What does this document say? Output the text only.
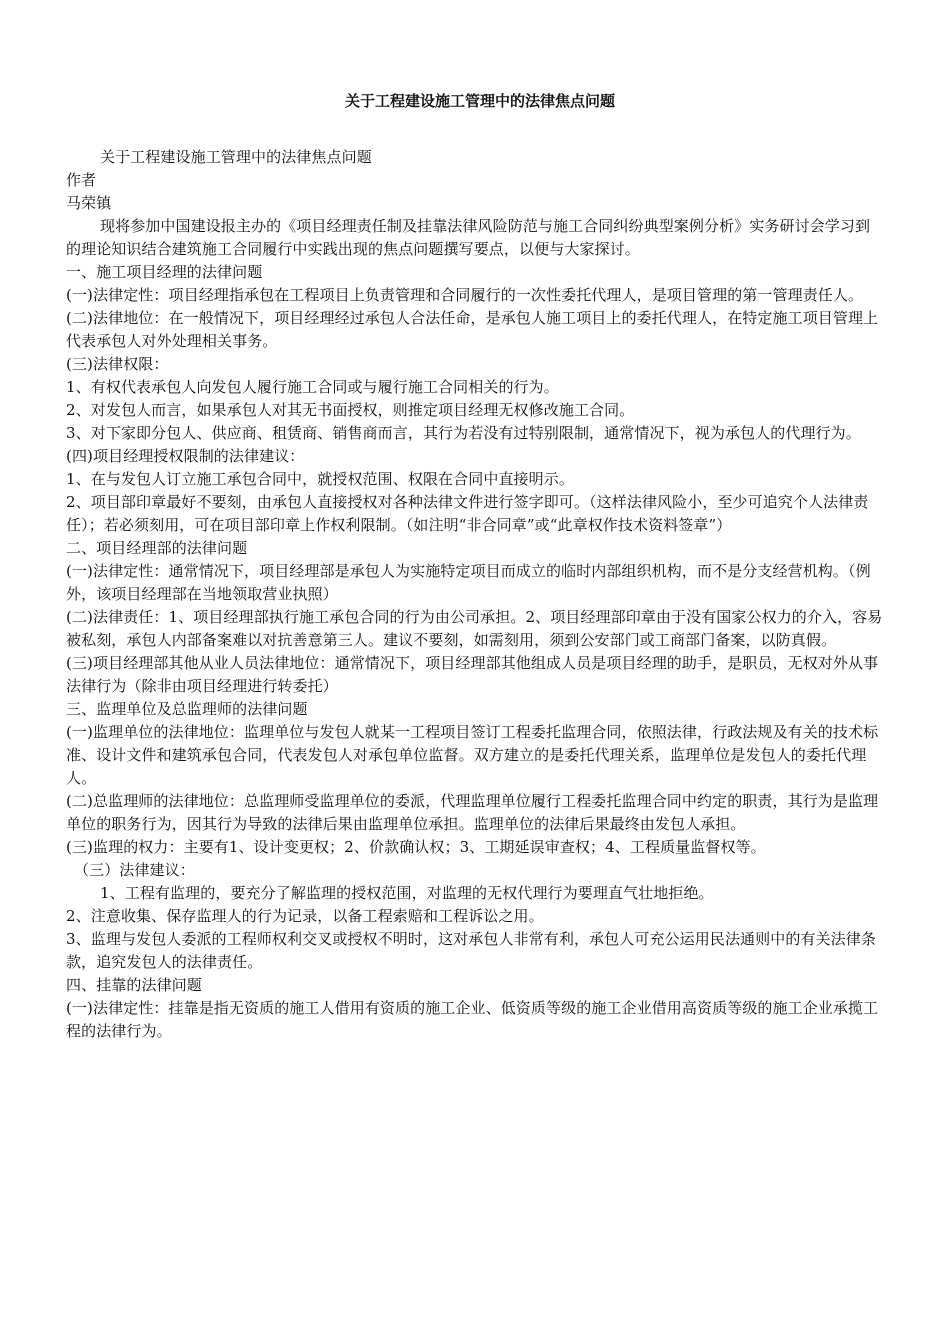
关于工程建设施工管理中的法律焦点问题

关于工程建设施工管理中的法律焦点问题

作者

马荣镇

现将参加中国建设报主办的《项目经理责任制及挂靠法律风险防范与施工合同纠纷典型案例分析》实务研讨会学习到的理论知识结合建筑施工合同履行中实践出现的焦点问题撰写要点，以便与大家探讨。

一、施工项目经理的法律问题

(一)法律定性：项目经理指承包在工程项目上负责管理和合同履行的一次性委托代理人，是项目管理的第一管理责任人。

(二)法律地位：在一般情况下，项目经理经过承包人合法任命，是承包人施工项目上的委托代理人，在特定施工项目管理上代表承包人对外处理相关事务。

(三)法律权限：

1、有权代表承包人向发包人履行施工合同或与履行施工合同相关的行为。

2、对发包人而言，如果承包人对其无书面授权，则推定项目经理无权修改施工合同。

3、对下家即分包人、供应商、租赁商、销售商而言，其行为若没有过特别限制，通常情况下，视为承包人的代理行为。

(四)项目经理授权限制的法律建议：

1、在与发包人订立施工承包合同中，就授权范围、权限在合同中直接明示。

2、项目部印章最好不要刻，由承包人直接授权对各种法律文件进行签字即可。（这样法律风险小，至少可追究个人法律责任）；若必须刻用，可在项目部印章上作权利限制。（如注明“非合同章”或“此章权作技术资料签章”）

二、项目经理部的法律问题

(一)法律定性：通常情况下，项目经理部是承包人为实施特定项目而成立的临时内部组织机构，而不是分支经营机构。（例外，该项目经理部在当地领取营业执照）

(二)法律责任：1、项目经理部执行施工承包合同的行为由公司承担。2、项目经理部印章由于没有国家公权力的介入，容易被私刻，承包人内部备案难以对抗善意第三人。建议不要刻，如需刻用，须到公安部门或工商部门备案，以防真假。

(三)项目经理部其他从业人员法律地位：通常情况下，项目经理部其他组成人员是项目经理的助手，是职员，无权对外从事法律行为（除非由项目经理进行转委托）

三、监理单位及总监理师的法律问题

(一)监理单位的法律地位：监理单位与发包人就某一工程项目签订工程委托监理合同，依照法律，行政法规及有关的技术标准、设计文件和建筑承包合同，代表发包人对承包单位监督。双方建立的是委托代理关系，监理单位是发包人的委托代理人。

(二)总监理师的法律地位：总监理师受监理单位的委派，代理监理单位履行工程委托监理合同中约定的职责，其行为是监理单位的职务行为，因其行为导致的法律后果由监理单位承担。监理单位的法律后果最终由发包人承担。

(三)监理的权力：主要有1、设计变更权；2、价款确认权；3、工期延误审查权；4、工程质量监督权等。

（三）法律建议：

1、工程有监理的，要充分了解监理的授权范围，对监理的无权代理行为要理直气壮地拒绝。

2、注意收集、保存监理人的行为记录，以备工程索赔和工程诉讼之用。

3、监理与发包人委派的工程师权利交叉或授权不明时，这对承包人非常有利，承包人可充公运用民法通则中的有关法律条款，追究发包人的法律责任。

四、挂靠的法律问题

(一)法律定性：挂靠是指无资质的施工人借用有资质的施工企业、低资质等级的施工企业借用高资质等级的施工企业承揽工程的法律行为。
